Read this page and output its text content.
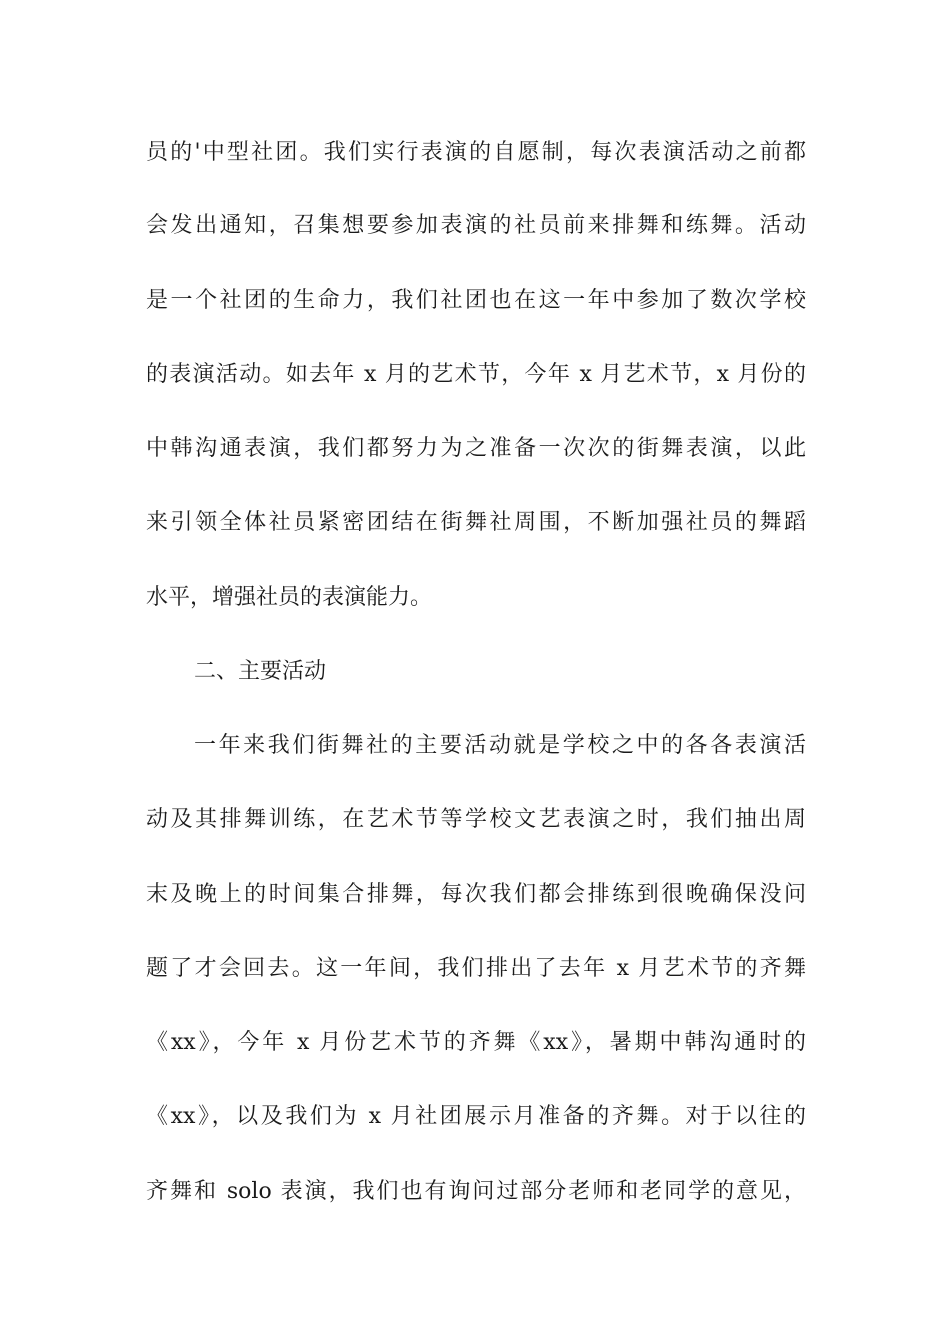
员的'中型社团。我们实行表演的自愿制，每次表演活动之前都
会发出通知，召集想要参加表演的社员前来排舞和练舞。活动
是一个社团的生命力，我们社团也在这一年中参加了数次学校
的表演活动。如去年 x 月的艺术节，今年 x 月艺术节，x 月份的
中韩沟通表演，我们都努力为之准备一次次的街舞表演，以此
来引领全体社员紧密团结在街舞社周围，不断加强社员的舞蹈
水平，增强社员的表演能力。
二、主要活动
一年来我们街舞社的主要活动就是学校之中的各各表演活
动及其排舞训练，在艺术节等学校文艺表演之时，我们抽出周
末及晚上的时间集合排舞，每次我们都会排练到很晚确保没问
题了才会回去。这一年间，我们排出了去年 x 月艺术节的齐舞
《xx》，今年 x 月份艺术节的齐舞《xx》，暑期中韩沟通时的
《xx》，以及我们为 x 月社团展示月准备的齐舞。对于以往的
齐舞和 solo 表演，我们也有询问过部分老师和老同学的意见，
